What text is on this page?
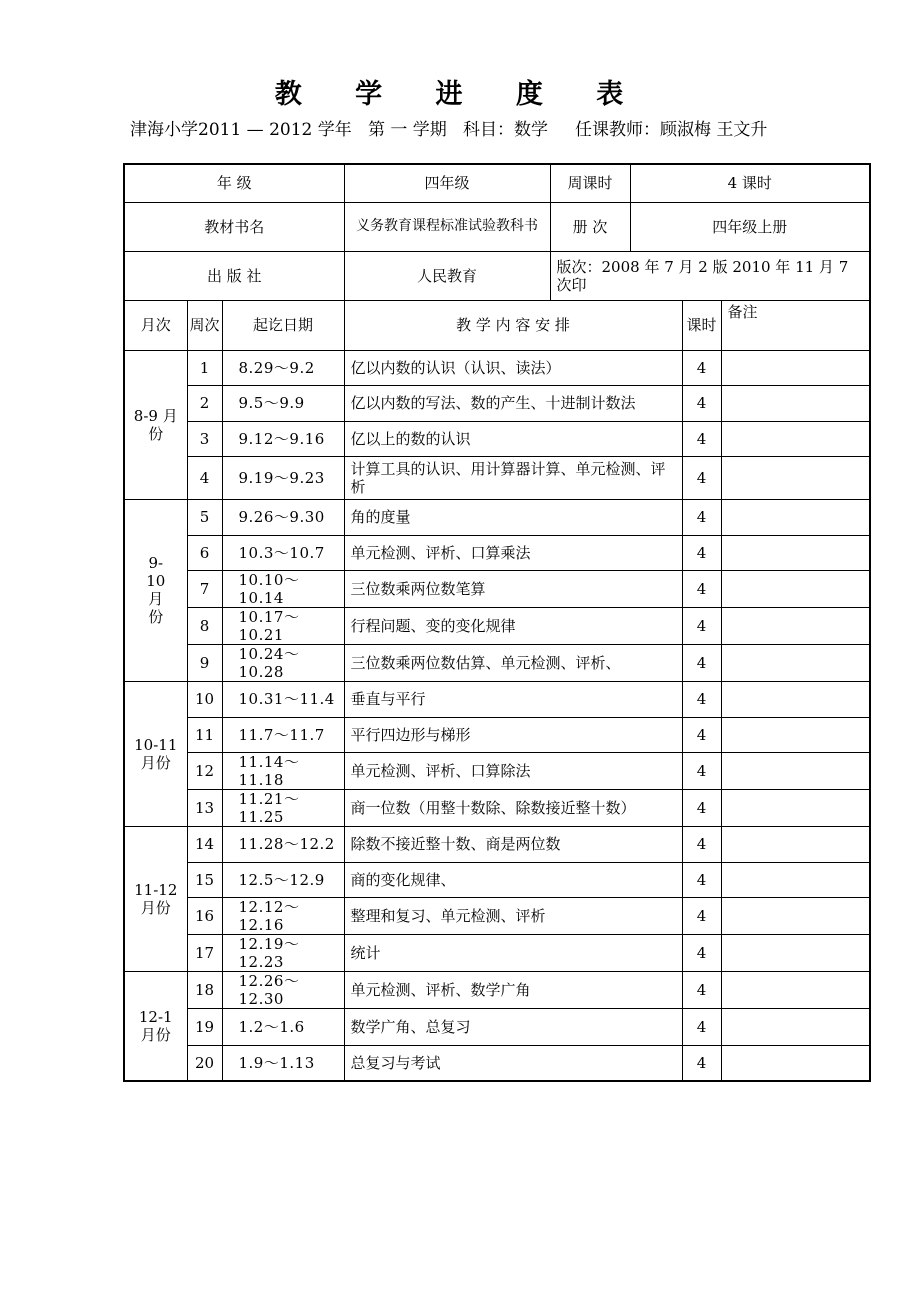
教 学 进 度 表
津海小学2011 — 2012 学年   第 一 学期   科目：数学     任课教师：顾淑梅 王文升
年 级			四年级	周课时	4 课时		
教材书名			义务教育课程标准试验教科书	册 次	四年级上册		
出 版 社			人民教育	版次：2008 年 7 月 2 版 2010 年 11 月 7 次印			
月次	周次	起讫日期	教 学 内 容 安 排			课时	备注
8-9 月份	1	8.29～9.2	亿以内数的认识（认识、读法）			4	
	2	9.5～9.9	亿以内数的写法、数的产生、十进制计数法			4	
	3	9.12～9.16	亿以上的数的认识			4	
	4	9.19～9.23	计算工具的认识、用计算器计算、单元检测、评析			4	
9-10 月 份	5	9.26～9.30	角的度量			4	
	6	10.3～10.7	单元检测、评析、口算乘法			4	
	7	10.10～10.14	三位数乘两位数笔算			4	
	8	10.17～10.21	行程问题、变的变化规律			4	
	9	10.24～10.28	三位数乘两位数估算、单元检测、评析、			4	
10-11 月份	10	10.31～11.4	垂直与平行			4	
	11	11.7～11.7	平行四边形与梯形			4	
	12	11.14～11.18	单元检测、评析、口算除法			4	
	13	11.21～11.25	商一位数（用整十数除、除数接近整十数）			4	
11-12 月份	14	11.28～12.2	除数不接近整十数、商是两位数			4	
	15	12.5～12.9	商的变化规律、			4	
	16	12.12～12.16	整理和复习、单元检测、评析			4	
	17	12.19～12.23	统计			4	
12-1 月份	18	12.26～12.30	单元检测、评析、数学广角			4	
	19	1.2～1.6	数学广角、总复习			4	
	20	1.9～1.13	总复习与考试			4	
